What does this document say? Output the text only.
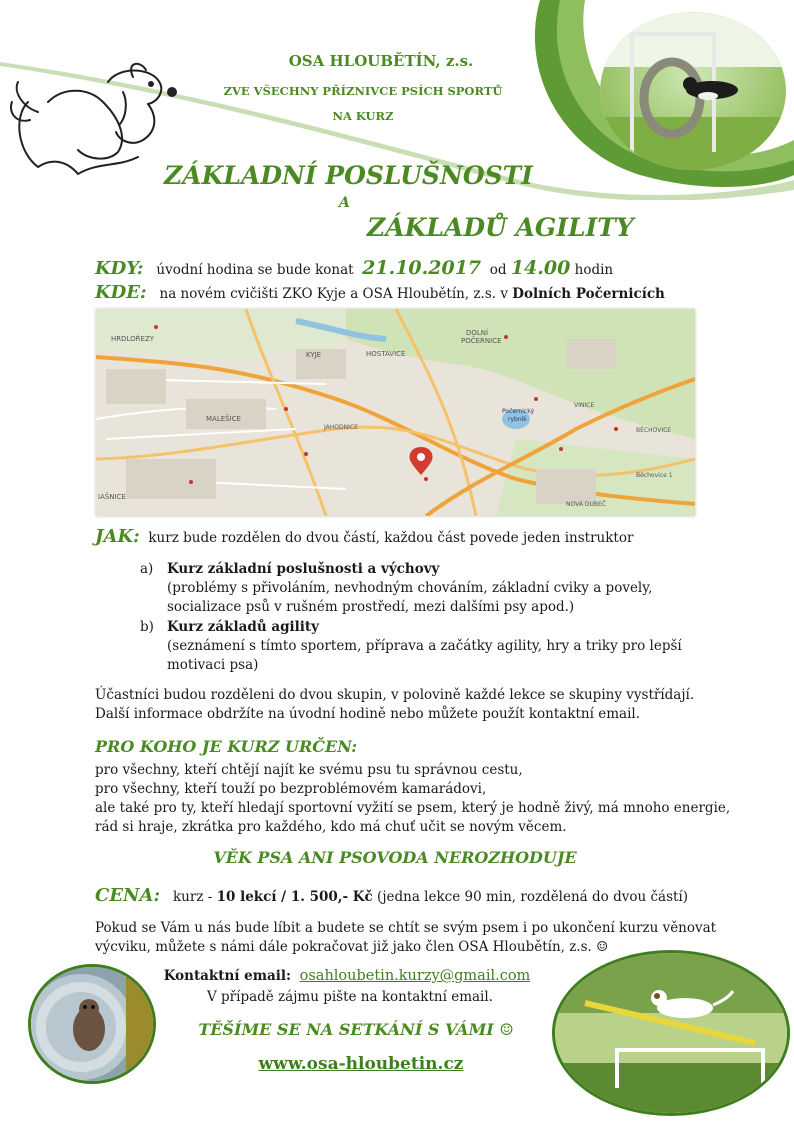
OSA HLOUBĚTÍN, z.s.
ZVE VŠECHNY PŘÍZNIVCE PSÍCH SPORTŮ
NA KURZ
ZÁKLADNÍ POSLUŠNOSTI
A
ZÁKLADŮ AGILITY
KDY: úvodní hodina se bude konat 21.10.2017 od 14.00 hodin
KDE: na novém cvičišti ZKO Kyje a OSA Hloubětín, z.s. v Dolních Počernicích
HRDLOŘEZY
KYJE	HOSTAVICE
DOLNÍ
POČERNICE
MALEŠICE
JAHODNICE
Počernický
rybník
BĚCHOVICE
VINICE
NOVÁ DUBEČ
IAŠNICE
Běchovice 1
JAK: kurz bude rozdělen do dvou částí, každou část povede jeden instruktor
a) Kurz základní poslušnosti a výchovy
(problémy s přivoláním, nevhodným chováním, základní cviky a povely,
socializace psů v rušném prostředí, mezi dalšími psy apod.)
b) Kurz základů agility
(seznámení s tímto sportem, příprava a začátky agility, hry a triky pro lepší
motivaci psa)
Účastníci budou rozděleni do dvou skupin, v polovině každé lekce se skupiny vystřídají.
Další informace obdržíte na úvodní hodině nebo můžete použít kontaktní email.
PRO KOHO JE KURZ URČEN:
pro všechny, kteří chtějí najít ke svému psu tu správnou cestu,
pro všechny, kteří touží po bezproblémovém kamarádovi,
ale také pro ty, kteří hledají sportovní vyžití se psem, který je hodně živý, má mnoho energie,
rád si hraje, zkrátka pro každého, kdo má chuť učit se novým věcem.
VĚK PSA ANI PSOVODA NEROZHODUJE
CENA: kurz - 10 lekcí / 1. 500,- Kč (jedna lekce 90 min, rozdělená do dvou částí)
Pokud se Vám u nás bude líbit a budete se chtít se svým psem i po ukončení kurzu věnovat
výcviku, můžete s námi dále pokračovat již jako člen OSA Hloubětín, z.s. ☺
Kontaktní email: osahloubetin.kurzy@gmail.com
V případě zájmu pište na kontaktní email.
TĚŠÍME SE NA SETKÁNÍ S VÁMI ☺
www.osa-hloubetin.cz
